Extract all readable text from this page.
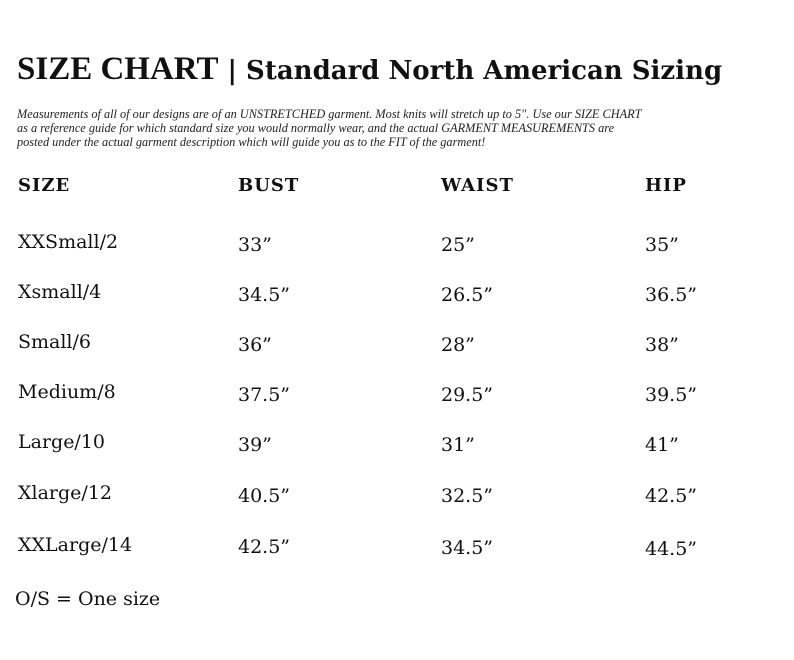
SIZE CHART | Standard North American Sizing

Measurements of all of our designs are of an UNSTRETCHED garment. Most knits will stretch up to 5". Use our SIZE CHART
as a reference guide for which standard size you would normally wear, and the actual GARMENT MEASUREMENTS are
posted under the actual garment description which will guide you as to the FIT of the garment!

SIZE	BUST	WAIST	HIP
XXSmall/2	33”	25”	35”
Xsmall/4	34.5”	26.5”	36.5”
Small/6	36”	28”	38”
Medium/8	37.5”	29.5”	39.5”
Large/10	39”	31”	41”
Xlarge/12	40.5”	32.5”	42.5”
XXLarge/14	42.5”	34.5”	44.5”
O/S = One size
